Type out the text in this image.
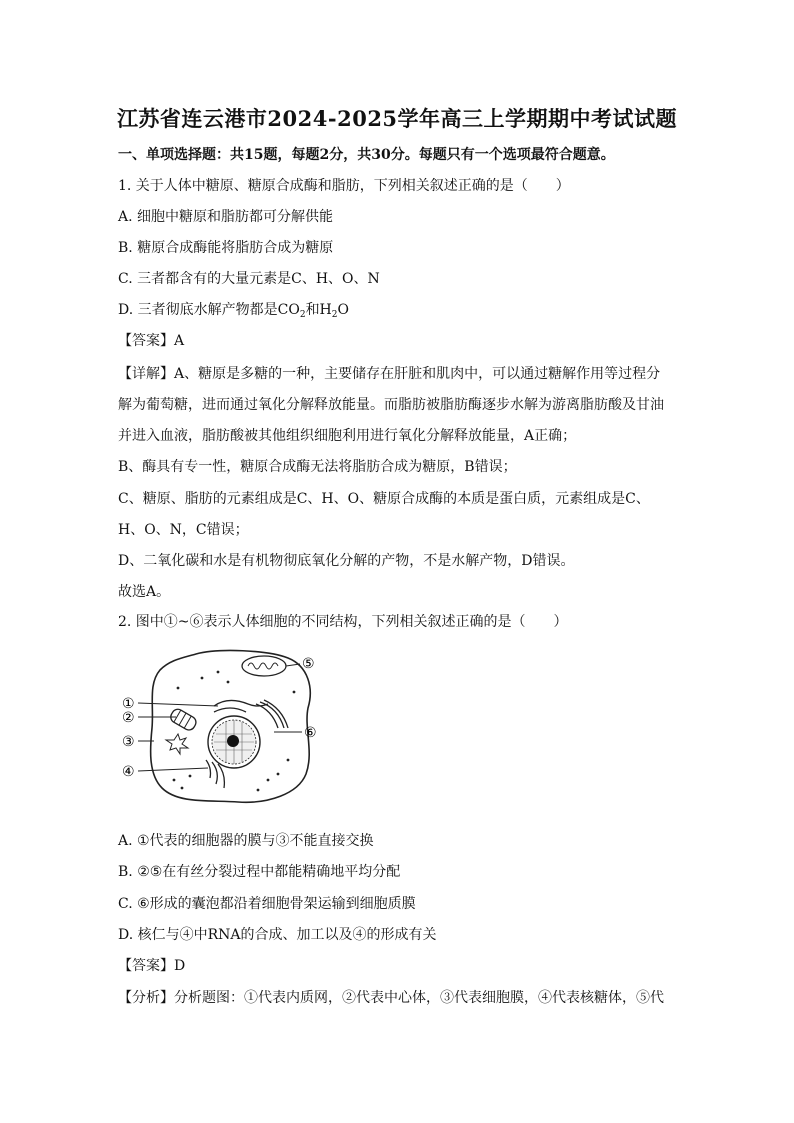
江苏省连云港市2024-2025学年高三上学期期中考试试题
一、单项选择题：共15题，每题2分，共30分。每题只有一个选项最符合题意。
1. 关于人体中糖原、糖原合成酶和脂肪，下列相关叙述正确的是（　　）
A. 细胞中糖原和脂肪都可分解供能
B. 糖原合成酶能将脂肪合成为糖原
C. 三者都含有的大量元素是C、H、O、N
D. 三者彻底水解产物都是$CO_2$和$H_2O$
【答案】A
【详解】A、糖原是多糖的一种，主要储存在肝脏和肌肉中，可以通过糖解作用等过程分
解为葡萄糖，进而通过氧化分解释放能量。而脂肪被脂肪酶逐步水解为游离脂肪酸及甘油
并进入血液，脂肪酸被其他组织细胞利用进行氧化分解释放能量，A正确；
B、酶具有专一性，糖原合成酶无法将脂肪合成为糖原，B错误；
C、糖原、脂肪的元素组成是C、H、O、糖原合成酶的本质是蛋白质，元素组成是C、
H、O、N，C错误；
D、二氧化碳和水是有机物彻底氧化分解的产物，不是水解产物，D错误。
故选A。
2. 图中①~⑥表示人体细胞的不同结构，下列相关叙述正确的是（　　）
①
②
③
④
⑤
⑥
A. ①代表的细胞器的膜与③不能直接交换
B. ②⑤在有丝分裂过程中都能精确地平均分配
C. ⑥形成的囊泡都沿着细胞骨架运输到细胞质膜
D. 核仁与④中RNA的合成、加工以及④的形成有关
【答案】D
【分析】分析题图：①代表内质网，②代表中心体，③代表细胞膜，④代表核糖体，⑤代
